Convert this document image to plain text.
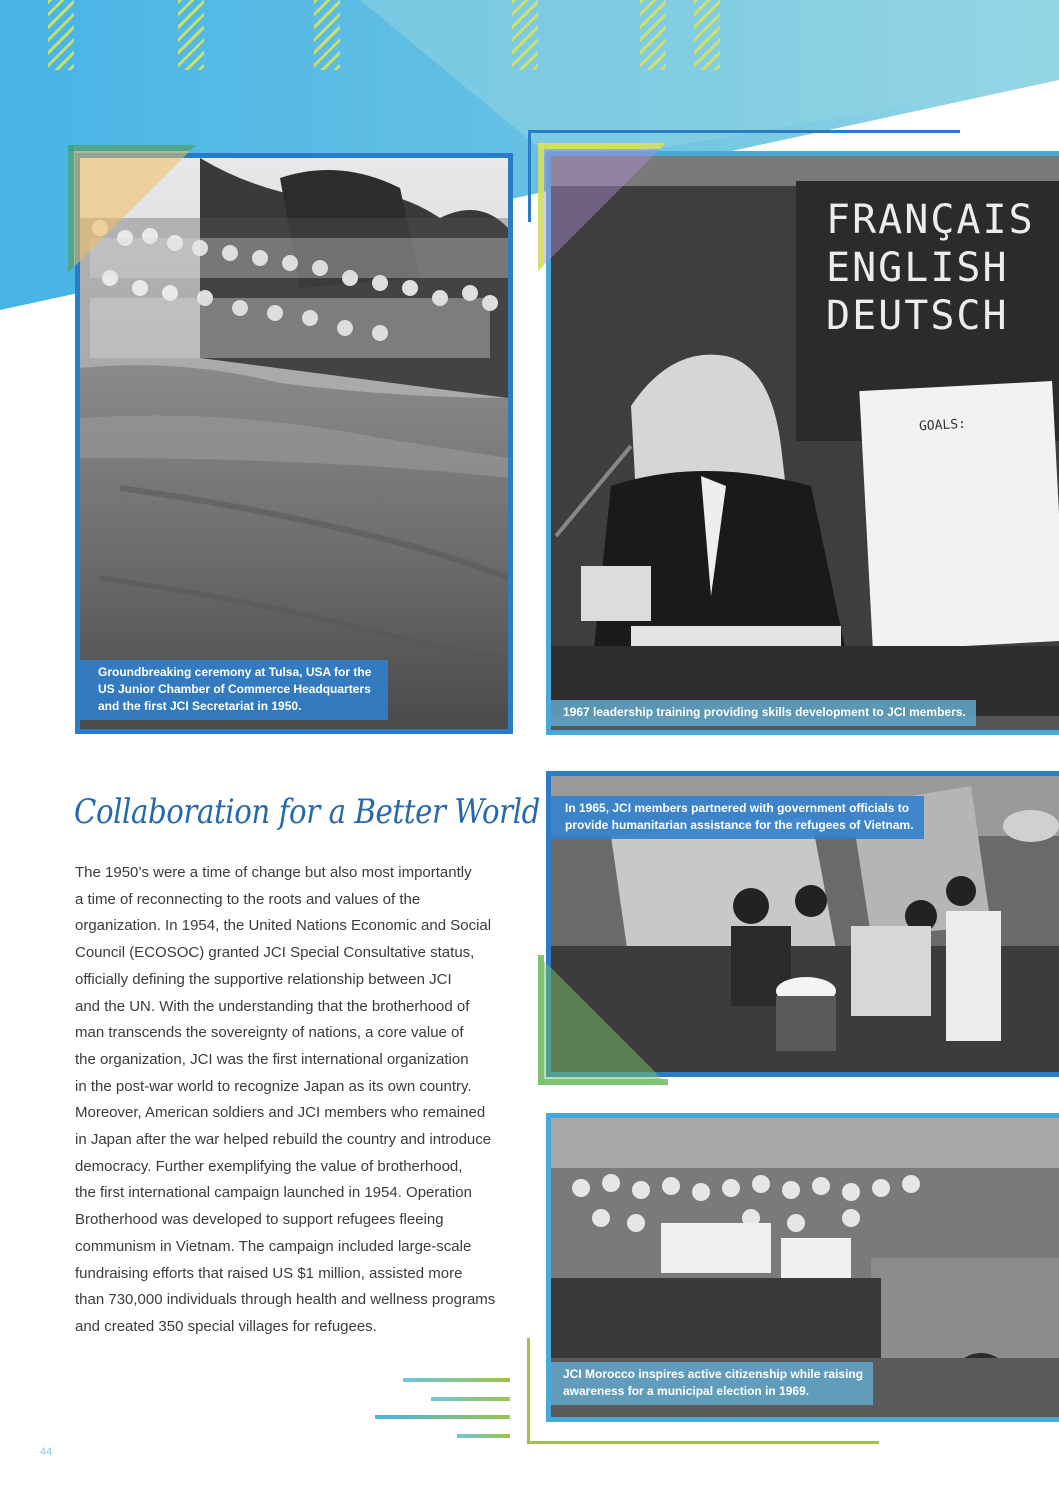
Groundbreaking ceremony at Tulsa, USA for the
US Junior Chamber of Commerce Headquarters
and the first JCI Secretariat in 1950.
FRANÇAIS
ENGLISH
DEUTSCH
GOALS:
1967 leadership training providing skills development to JCI members.
Collaboration for a Better World
The 1950’s were a time of change but also most importantly
a time of reconnecting to the roots and values of the
organization. In 1954, the United Nations Economic and Social
Council (ECOSOC) granted JCI Special Consultative status,
officially defining the supportive relationship between JCI
and the UN. With the understanding that the brotherhood of
man transcends the sovereignty of nations, a core value of
the organization, JCI was the first international organization
in the post-war world to recognize Japan as its own country.
Moreover, American soldiers and JCI members who remained
in Japan after the war helped rebuild the country and introduce
democracy. Further exemplifying the value of brotherhood,
the first international campaign launched in 1954. Operation
Brotherhood was developed to support refugees fleeing
communism in Vietnam. The campaign included large-scale
fundraising efforts that raised US $1 million, assisted more
than 730,000 individuals through health and wellness programs
and created 350 special villages for refugees.
In 1965, JCI members partnered with government officials to
provide humanitarian assistance for the refugees of Vietnam.
JCI Morocco inspires active citizenship while raising
awareness for a municipal election in 1969.
44
